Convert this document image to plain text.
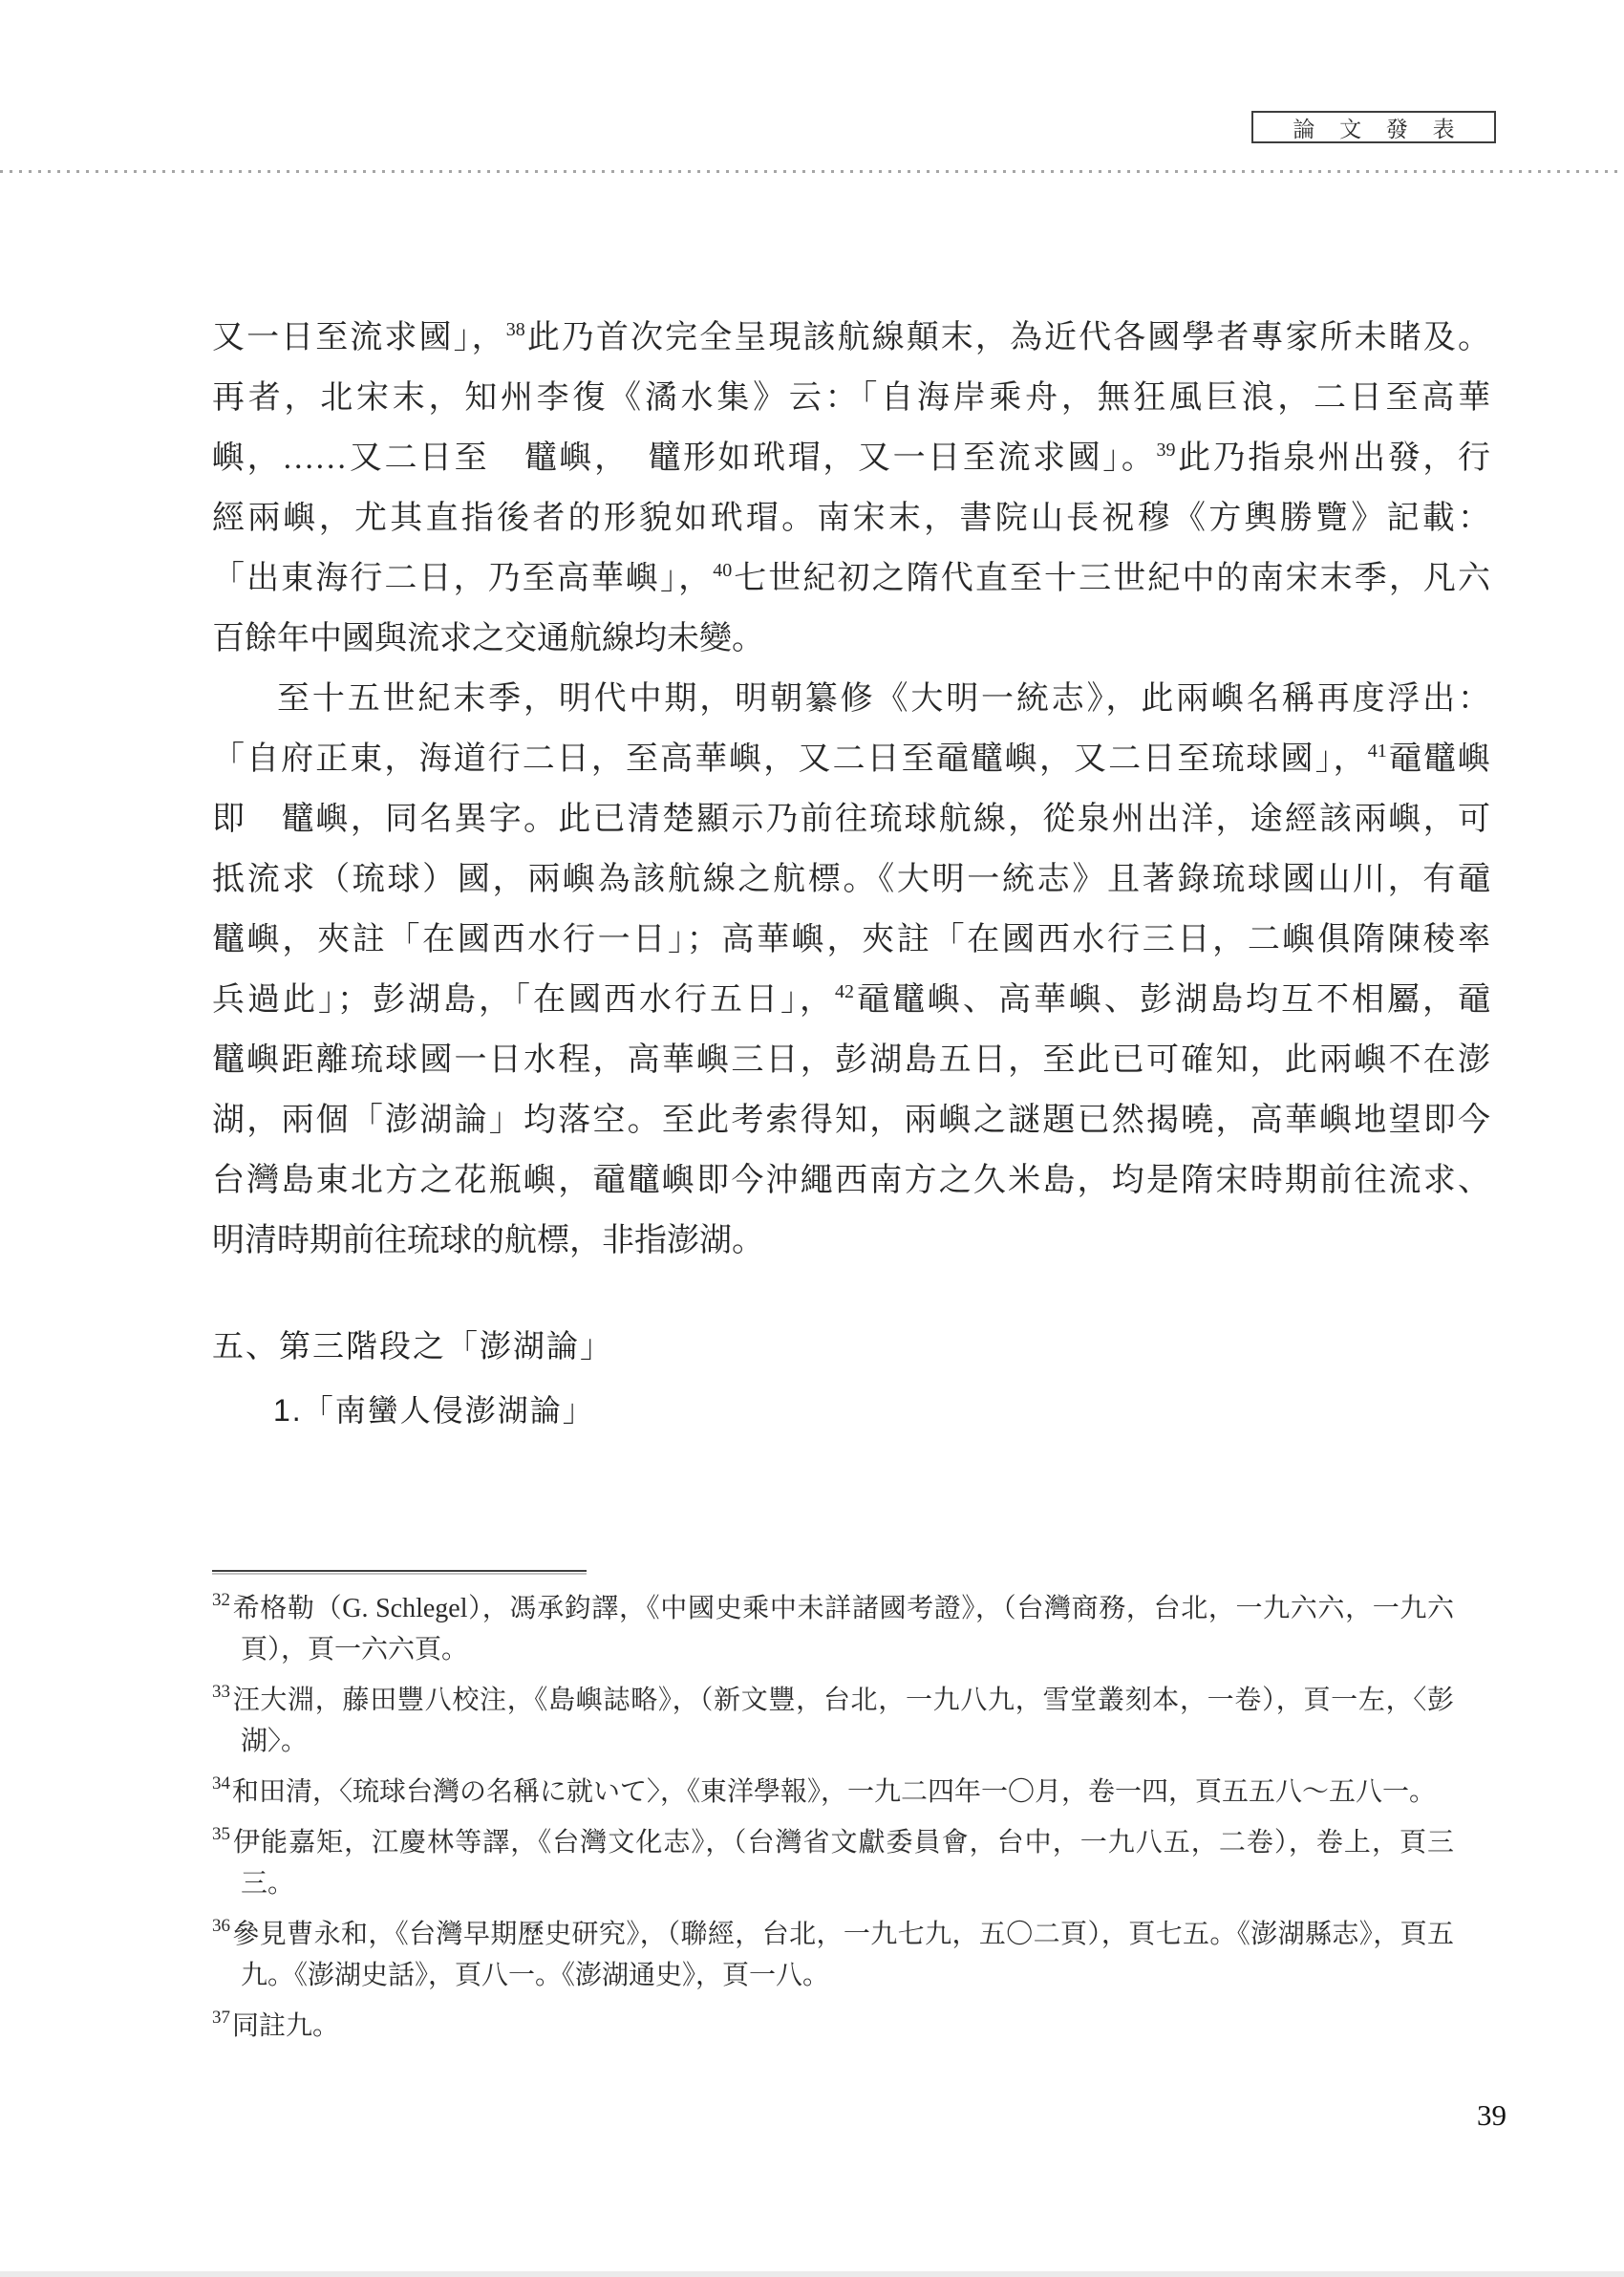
論 文 發 表
又一日至流求國」，$^{38}$此乃首次完全呈現該航線顛末，為近代各國學者專家所未睹及。
再者，北宋末，知州李復《潏水集》云：「自海岸乘舟，無狂風巨浪，二日至高華
嶼，……又二日至　鼊嶼，　鼊形如玳瑁，又一日至流求國」。$^{39}$此乃指泉州出發，行
經兩嶼，尤其直指後者的形貌如玳瑁。南宋末，書院山長祝穆《方輿勝覽》記載：
「出東海行二日，乃至高華嶼」，$^{40}$七世紀初之隋代直至十三世紀中的南宋末季，凡六
百餘年中國與流求之交通航線均未變。
至十五世紀末季，明代中期，明朝纂修《大明一統志》，此兩嶼名稱再度浮出：
「自府正東，海道行二日，至高華嶼，又二日至黿鼊嶼，又二日至琉球國」，$^{41}$黿鼊嶼
即　鼊嶼，同名異字。此已清楚顯示乃前往琉球航線，從泉州出洋，途經該兩嶼，可
抵流求（琉球）國，兩嶼為該航線之航標。《大明一統志》且著錄琉球國山川，有黿
鼊嶼，夾註「在國西水行一日」；高華嶼，夾註「在國西水行三日，二嶼俱隋陳稜率
兵過此」；彭湖島，「在國西水行五日」，$^{42}$黿鼊嶼、高華嶼、彭湖島均互不相屬，黿
鼊嶼距離琉球國一日水程，高華嶼三日，彭湖島五日，至此已可確知，此兩嶼不在澎
湖，兩個「澎湖論」均落空。至此考索得知，兩嶼之謎題已然揭曉，高華嶼地望即今
台灣島東北方之花瓶嶼，黿鼊嶼即今沖繩西南方之久米島，均是隋宋時期前往流求、
明清時期前往琉球的航標，非指澎湖。
五、第三階段之「澎湖論」
1.「南蠻人侵澎湖論」
$^{32}$希格勒（G. Schlegel），馮承鈞譯，《中國史乘中未詳諸國考證》，（台灣商務，台北，一九六六，一九六頁），頁一六六頁。
$^{33}$汪大淵，藤田豐八校注，《島嶼誌略》，（新文豐，台北，一九八九，雪堂叢刻本，一卷），頁一左，〈彭湖〉。
$^{34}$和田清，〈琉球台灣の名稱に就いて〉，《東洋學報》，一九二四年一〇月，卷一四，頁五五八～五八一。
$^{35}$伊能嘉矩，江慶林等譯，《台灣文化志》，（台灣省文獻委員會，台中，一九八五，二卷），卷上，頁三三。
$^{36}$參見曹永和，《台灣早期歷史研究》，（聯經，台北，一九七九，五〇二頁），頁七五。《澎湖縣志》，頁五九。《澎湖史話》，頁八一。《澎湖通史》，頁一八。
$^{37}$同註九。
39
